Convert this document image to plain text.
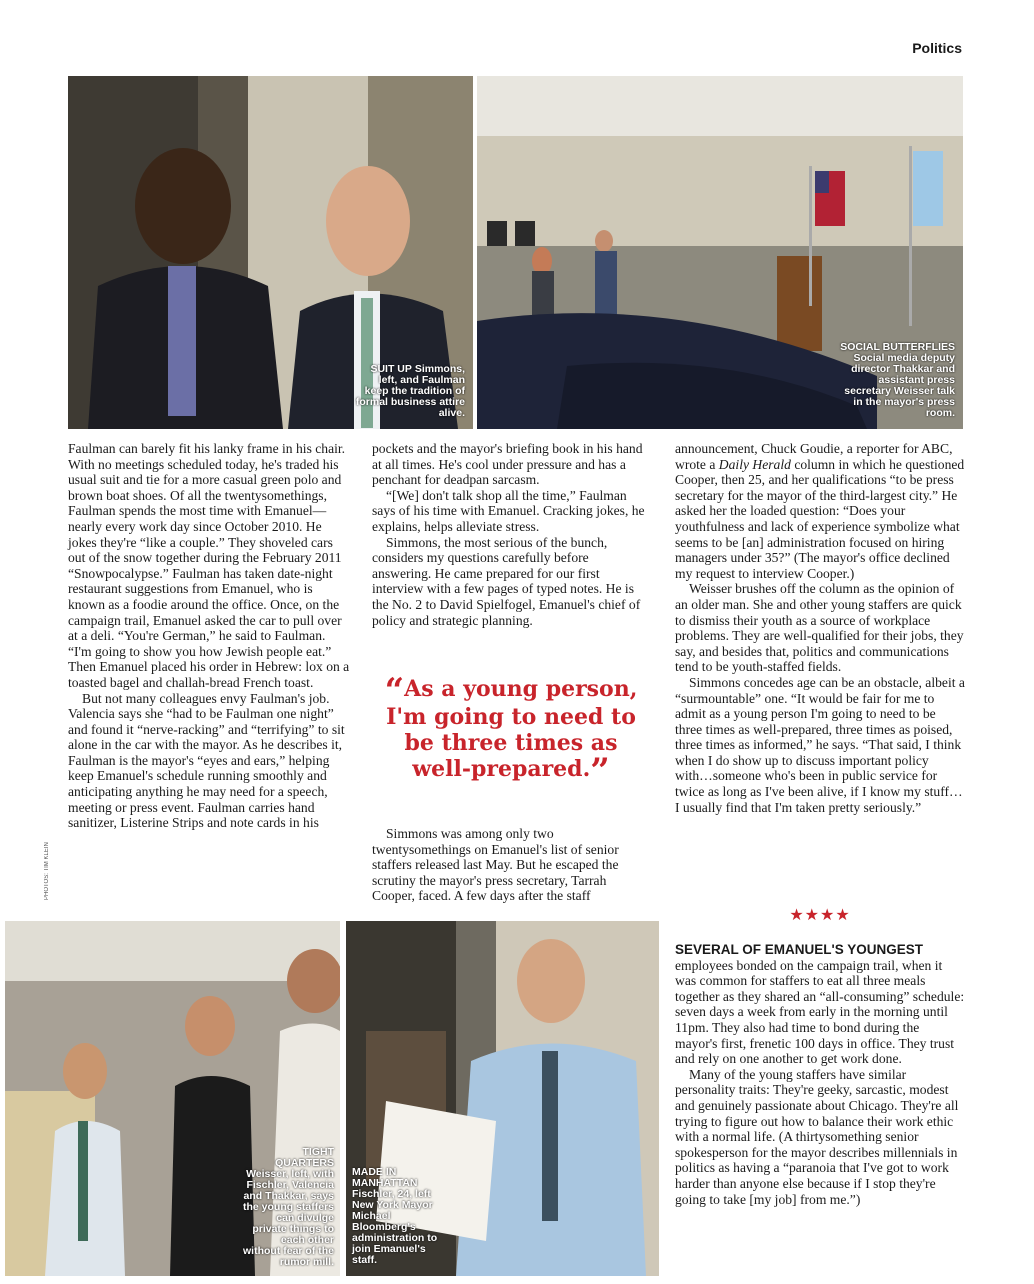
Politics
SUIT UP Simmons, left, and Faulman keep the tradition of formal business attire alive.
SOCIAL BUTTERFLIES
Social media deputy director Thakkar and assistant press secretary Weisser talk in the mayor's press room.

Faulman can barely fit his lanky frame in his chair. With no meetings scheduled today, he's traded his usual suit and tie for a more casual green polo and brown boat shoes. Of all the twentysomethings, Faulman spends the most time with Emanuel—nearly every work day since October 2010. He jokes they're “like a couple.” They shoveled cars out of the snow together during the February 2011 “Snowpocalypse.” Faulman has taken date-night restaurant suggestions from Emanuel, who is known as a foodie around the office. Once, on the campaign trail, Emanuel asked the car to pull over at a deli. “You're German,” he said to Faulman. “I'm going to show you how Jewish people eat.” Then Emanuel placed his order in Hebrew: lox on a toasted bagel and challah-bread French toast.

But not many colleagues envy Faulman's job. Valencia says she “had to be Faulman one night” and found it “nerve-racking” and “terrifying” to sit alone in the car with the mayor. As he describes it, Faulman is the mayor's “eyes and ears,” helping keep Emanuel's schedule running smoothly and anticipating anything he may need for a speech, meeting or press event. Faulman carries hand sanitizer, Listerine Strips and note cards in his

PHOTOS: TIM KLEIN

pockets and the mayor's briefing book in his hand at all times. He's cool under pressure and has a penchant for deadpan sarcasm.

“[We] don't talk shop all the time,” Faulman says of his time with Emanuel. Cracking jokes, he explains, helps alleviate stress.

Simmons, the most serious of the bunch, considers my questions carefully before answering. He came prepared for our first interview with a few pages of typed notes. He is the No. 2 to David Spielfogel, Emanuel's chief of policy and strategic planning.

“As a young person, I'm going to need to be three times as well-prepared.”

Simmons was among only two twentysomethings on Emanuel's list of senior staffers released last May. But he escaped the scrutiny the mayor's press secretary, Tarrah Cooper, faced. A few days after the staff

announcement, Chuck Goudie, a reporter for ABC, wrote a Daily Herald column in which he questioned Cooper, then 25, and her qualifications “to be press secretary for the mayor of the third-largest city.” He asked her the loaded question: “Does your youthfulness and lack of experience symbolize what seems to be [an] administration focused on hiring managers under 35?” (The mayor's office declined my request to interview Cooper.)

Weisser brushes off the column as the opinion of an older man. She and other young staffers are quick to dismiss their youth as a source of workplace problems. They are well-qualified for their jobs, they say, and besides that, politics and communications tend to be youth-staffed fields.

Simmons concedes age can be an obstacle, albeit a “surmountable” one. “It would be fair for me to admit as a young person I'm going to need to be three times as well-prepared, three times as poised, three times as informed,” he says. “That said, I think when I do show up to discuss important policy with…someone who's been in public service for twice as long as I've been alive, if I know my stuff…I usually find that I'm taken pretty seriously.”

★★★★
SEVERAL OF EMANUEL'S YOUNGEST

employees bonded on the campaign trail, when it was common for staffers to eat all three meals together as they shared an “all-consuming” schedule: seven days a week from early in the morning until 11pm. They also had time to bond during the mayor's first, frenetic 100 days in office. They trust and rely on one another to get work done.

Many of the young staffers have similar personality traits: They're geeky, sarcastic, modest and genuinely passionate about Chicago. They're all trying to figure out how to balance their work ethic with a normal life. (A thirtysomething senior spokesperson for the mayor describes millennials in politics as having a “paranoia that I've got to work harder than anyone else because if I stop they're going to take [my job] from me.”)

TIGHT QUARTERS
Weisser, left, with Fischler, Valencia and Thakkar, says the young staffers can divulge private things to each other without fear of the rumor mill.
MADE IN MANHATTAN
Fischler, 24, left New York Mayor Michael Bloomberg's administration to join Emanuel's staff.
